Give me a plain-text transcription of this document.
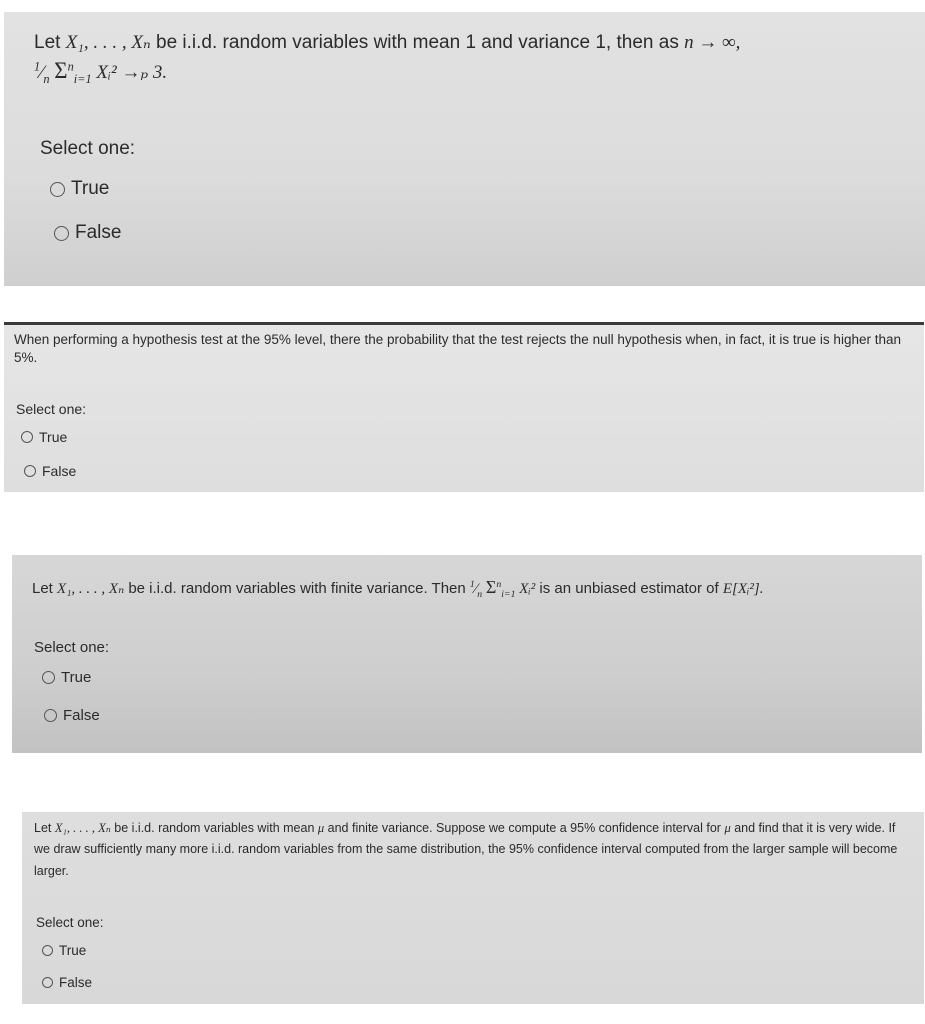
Let X₁, . . . , Xₙ be i.i.d. random variables with mean 1 and variance 1, then as n → ∞,
$^1⁄_n$ $\Sigma^n_{i=1}$ Xᵢ² →ₚ 3.

Select one:

True
False

When performing a hypothesis test at the 95% level, there the probability that the test rejects the null hypothesis when, in fact, it is true is higher than 5%.

Select one:

True
False
Let X₁, . . . , Xₙ be i.i.d. random variables with finite variance. Then $^1⁄_n$ $\Sigma^n_{i=1}$ Xᵢ² is an unbiased estimator of E[Xᵢ²].

Select one:

True
False
Let X₁, . . . , Xₙ be i.i.d. random variables with mean μ and finite variance. Suppose we compute a 95% confidence interval for μ and find that it is very wide. If we draw sufficiently many more i.i.d. random variables from the same distribution, the 95% confidence interval computed from the larger sample will become larger.

Select one:

True
False
